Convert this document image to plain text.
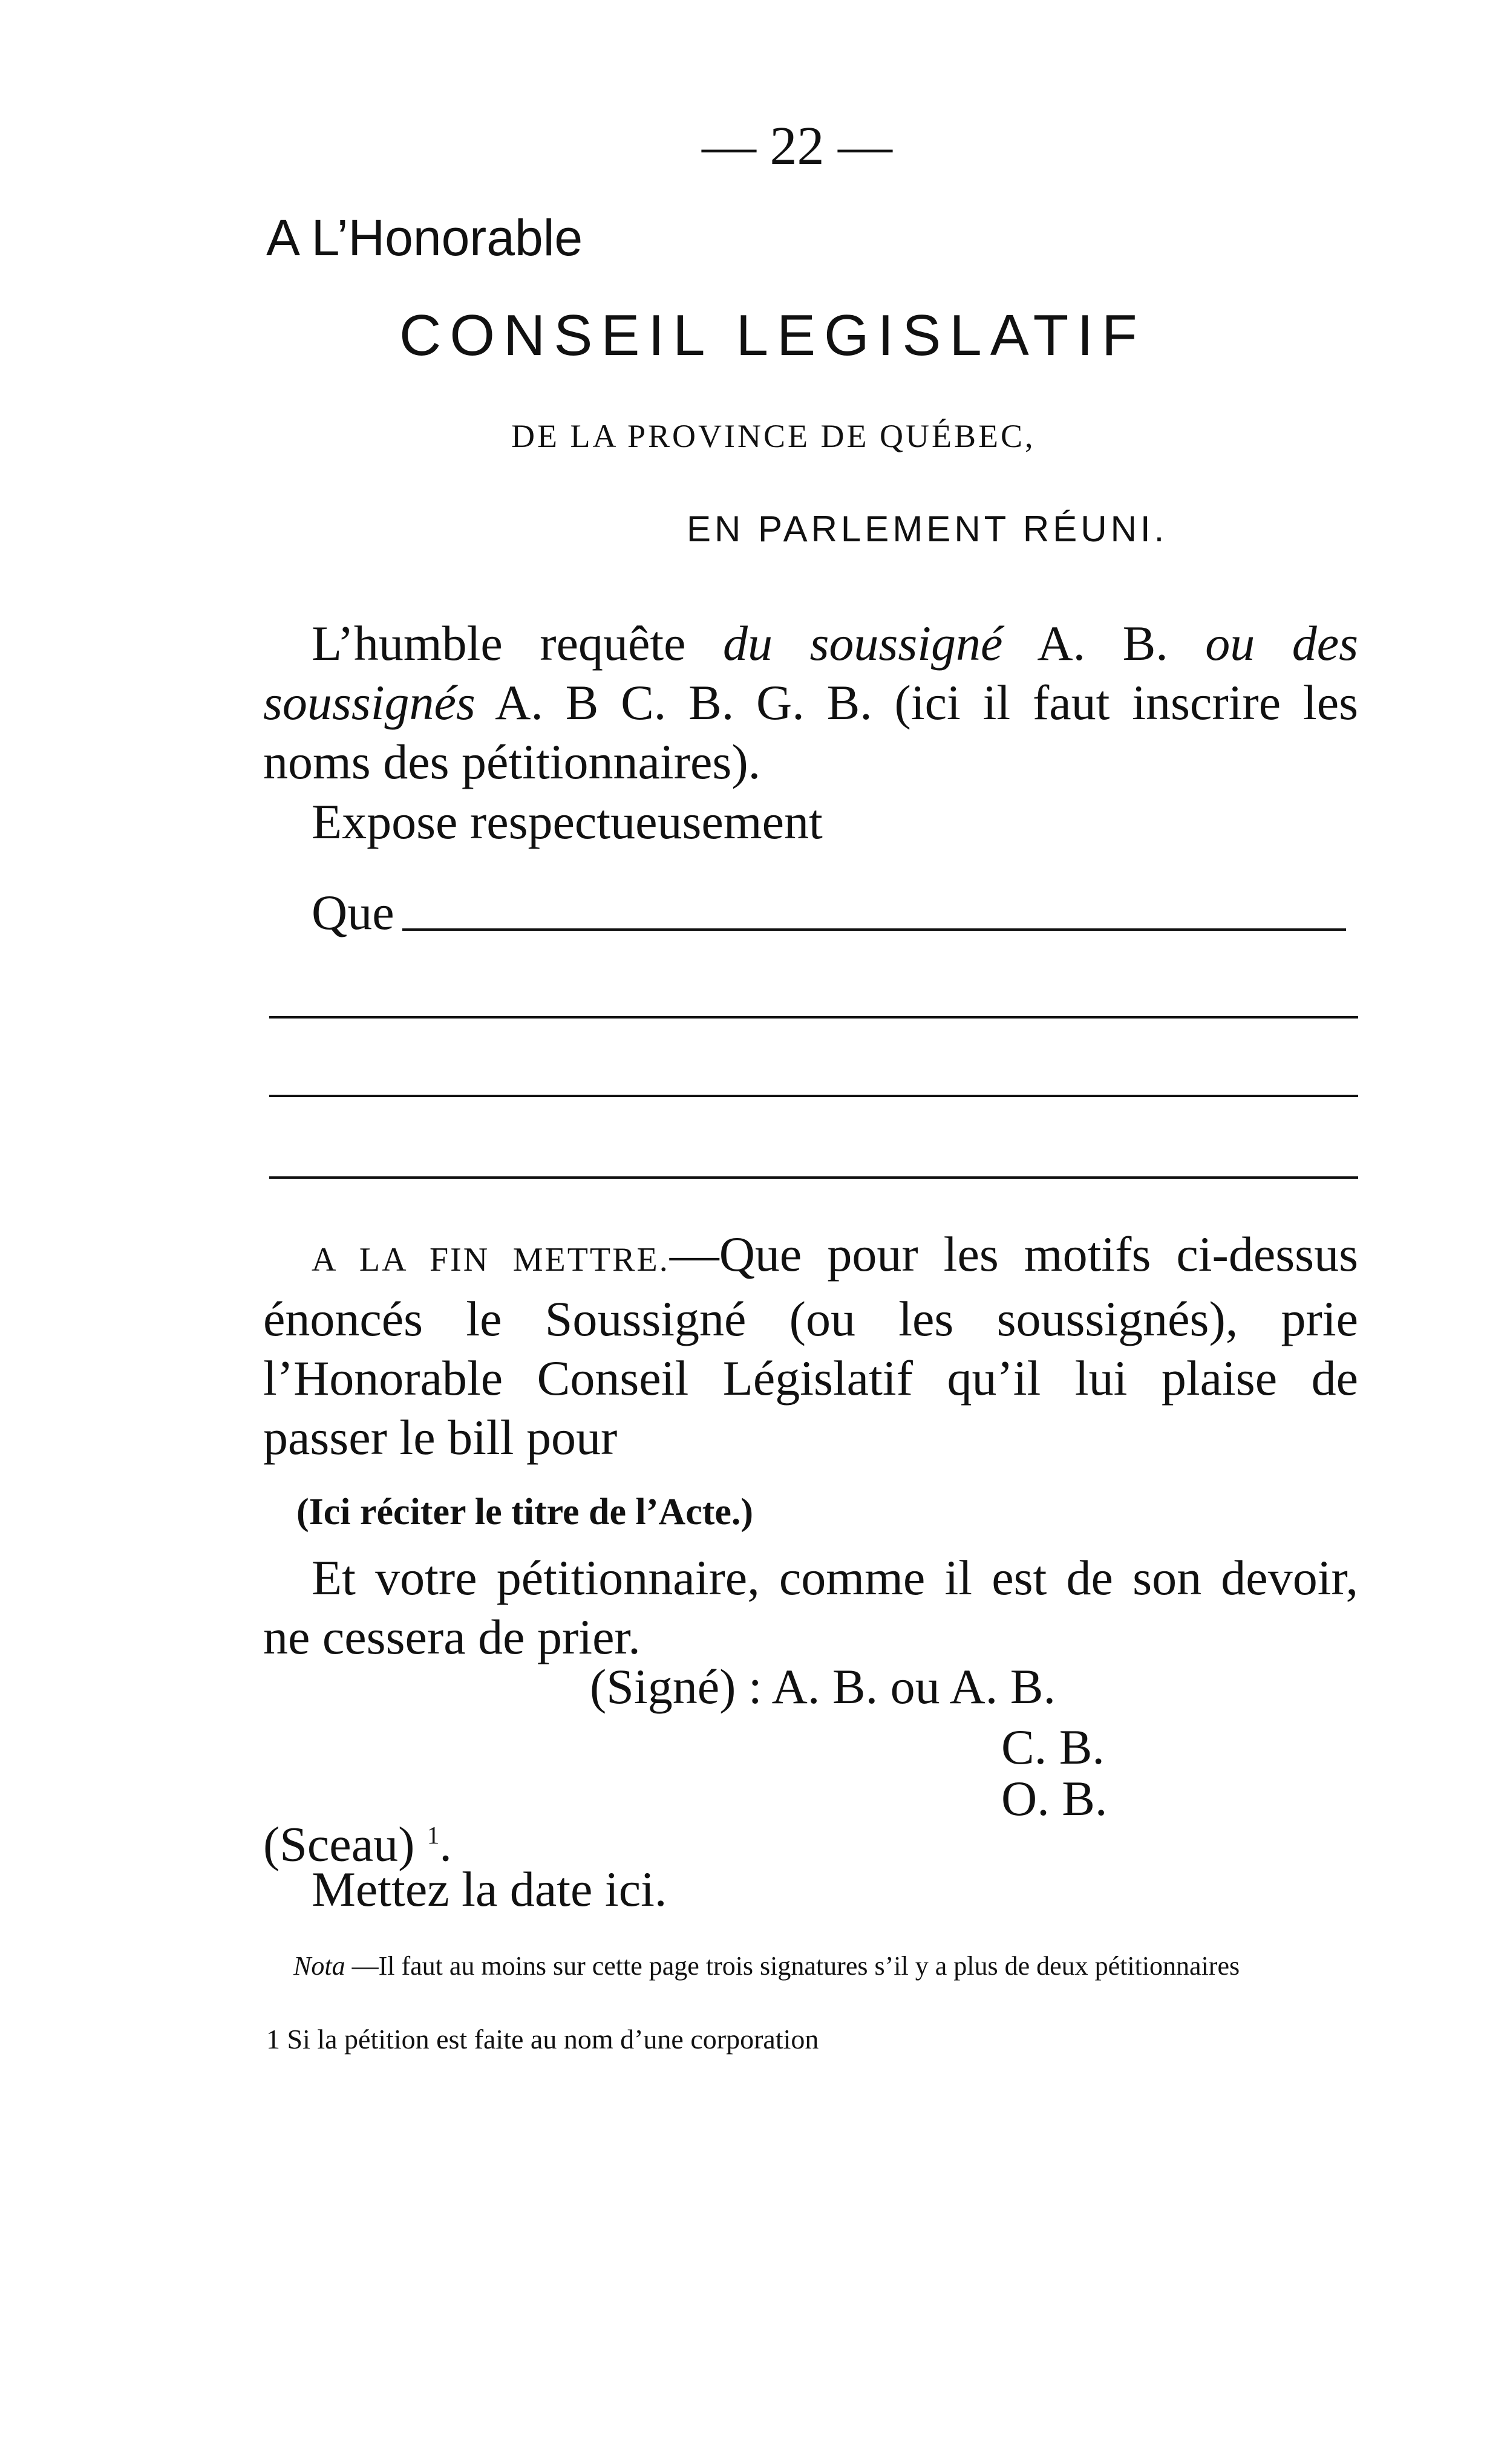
— 22 —
A L’Honorable
CONSEIL LEGISLATIF
DE LA PROVINCE DE QUÉBEC,
EN PARLEMENT RÉUNI.
L’humble requête du soussigné A. B. ou des soussignés A. B C. B. G. B. (ici il faut inscrire les noms des pétitionnaires).
Expose respectueusement
Que
A LA FIN METTRE.—Que pour les motifs ci-dessus énoncés le Soussigné (ou les soussignés), prie l’Honorable Conseil Législatif qu’il lui plaise de passer le bill pour
(Ici réciter le titre de l’Acte.)
Et votre pétitionnaire, comme il est de son devoir, ne cessera de prier.
(Signé) : A. B. ou A. B.
C. B.
O. B.
(Sceau) $^1$.
Mettez la date ici.
Nota —Il faut au moins sur cette page trois signatures s’il y a plus de deux pétitionnaires
1 Si la pétition est faite au nom d’une corporation
